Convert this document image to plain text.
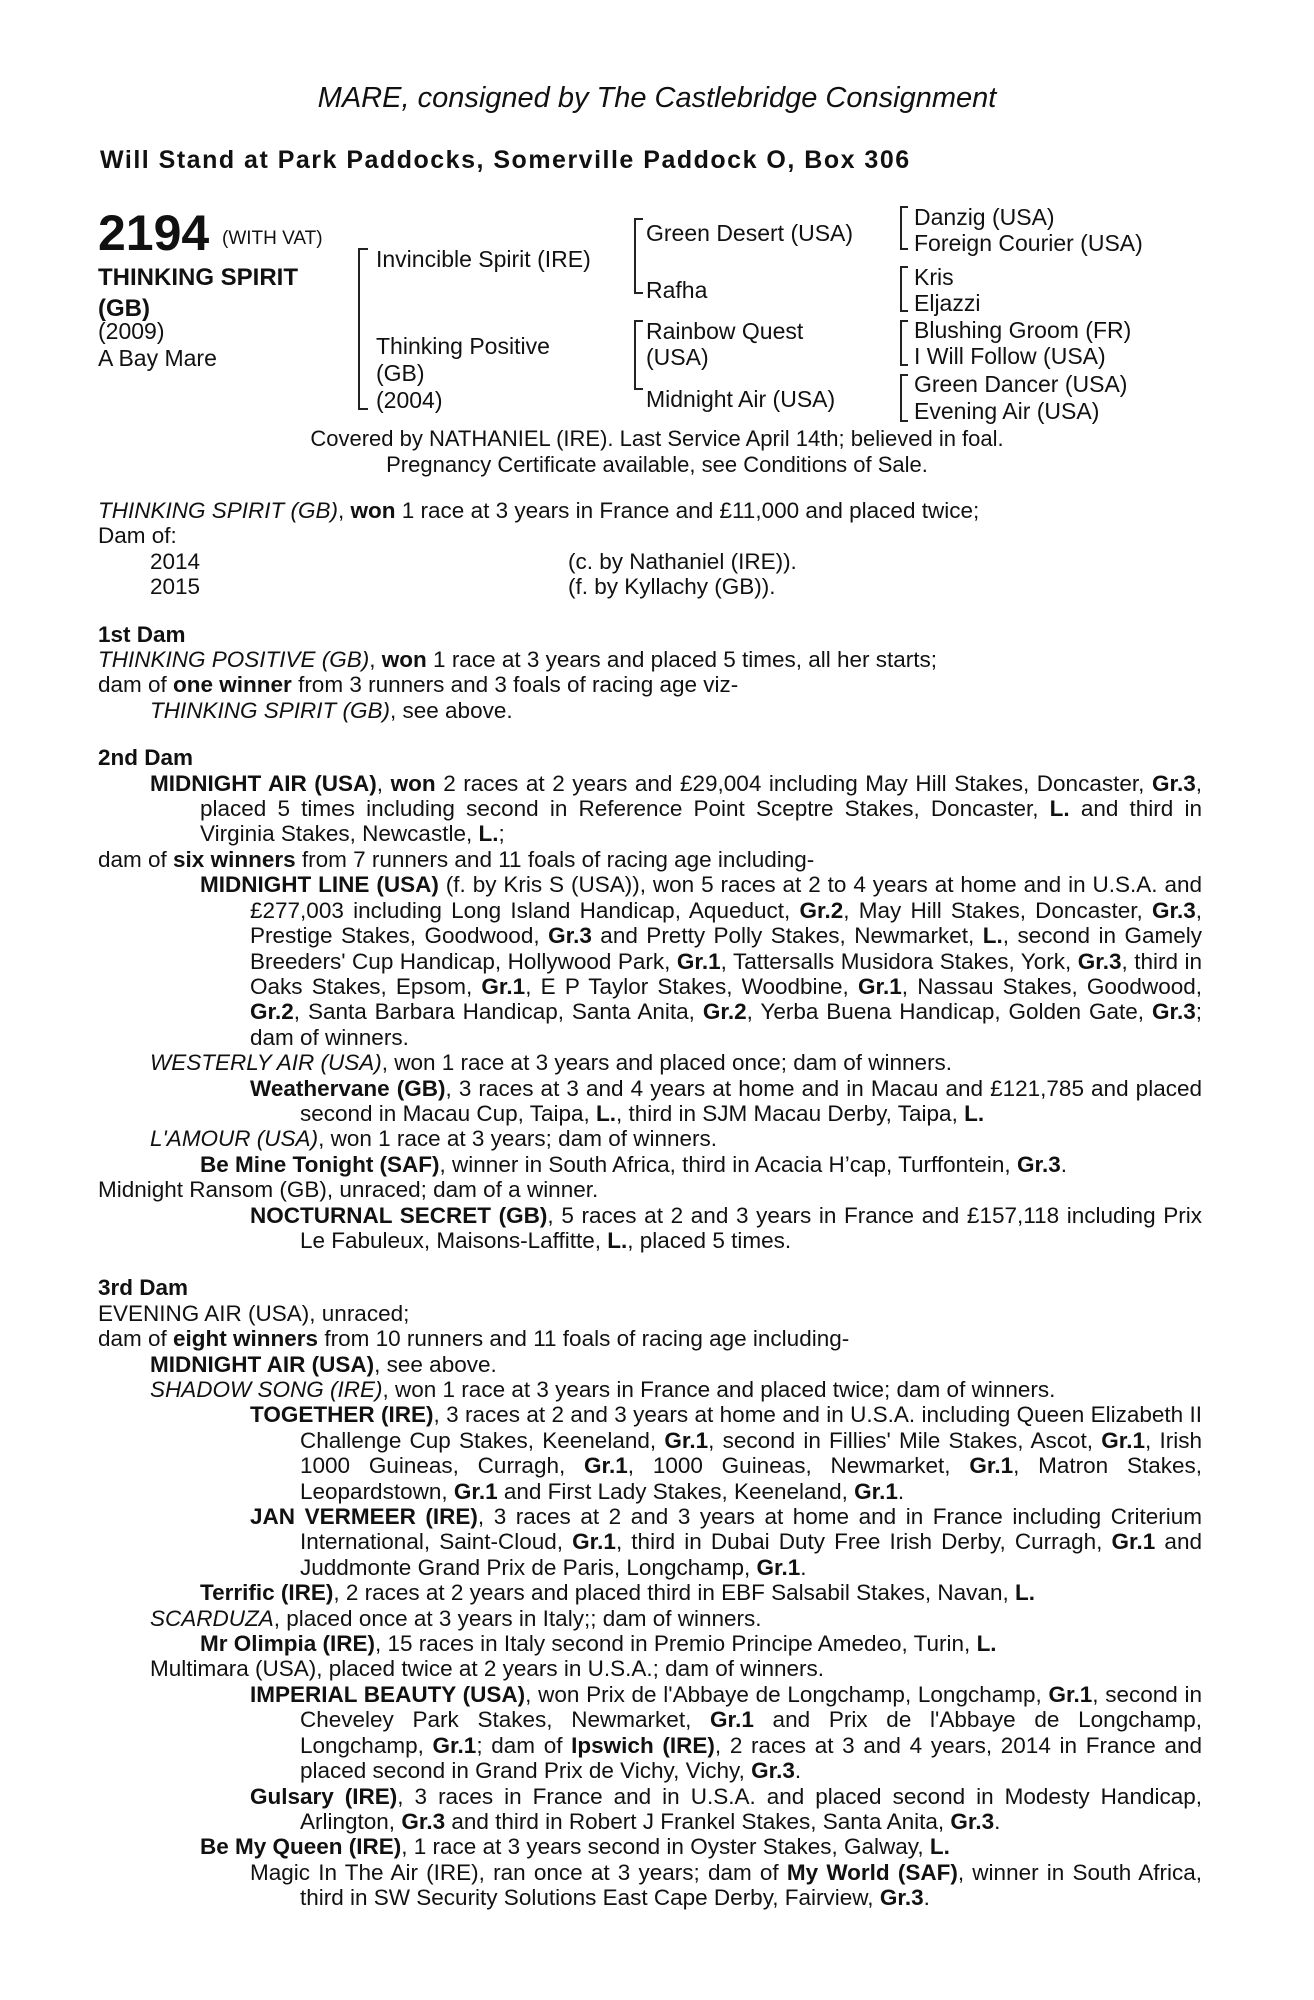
MARE, consigned by The Castlebridge Consignment
Will Stand at Park Paddocks, Somerville Paddock O, Box 306
2194 (WITH VAT)
THINKING SPIRIT
(GB)
(2009)
A Bay Mare
Invincible Spirit (IRE)
Thinking Positive
(GB)
(2004)
Green Desert (USA)
Rafha
Rainbow Quest
(USA)
Midnight Air (USA)
Danzig (USA)
Foreign Courier (USA)
Kris
Eljazzi
Blushing Groom (FR)
I Will Follow (USA)
Green Dancer (USA)
Evening Air (USA)
Covered by NATHANIEL (IRE). Last Service April 14th; believed in foal.
Pregnancy Certificate available, see Conditions of Sale.
THINKING SPIRIT (GB), won 1 race at 3 years in France and £11,000 and placed twice;
Dam of:
2014	(c. by Nathaniel (IRE)).
2015	(f. by Kyllachy (GB)).
1st Dam
THINKING POSITIVE (GB), won 1 race at 3 years and placed 5 times, all her starts;
dam of one winner from 3 runners and 3 foals of racing age viz-
THINKING SPIRIT (GB), see above.
2nd Dam
MIDNIGHT AIR (USA), won 2 races at 2 years and £29,004 including May Hill Stakes, Doncaster, Gr.3, placed 5 times including second in Reference Point Sceptre Stakes, Doncaster, L. and third in Virginia Stakes, Newcastle, L.;
dam of six winners from 7 runners and 11 foals of racing age including-
MIDNIGHT LINE (USA) (f. by Kris S (USA)), won 5 races at 2 to 4 years at home and in U.S.A. and £277,003 including Long Island Handicap, Aqueduct, Gr.2, May Hill Stakes, Doncaster, Gr.3, Prestige Stakes, Goodwood, Gr.3 and Pretty Polly Stakes, Newmarket, L., second in Gamely Breeders' Cup Handicap, Hollywood Park, Gr.1, Tattersalls Musidora Stakes, York, Gr.3, third in Oaks Stakes, Epsom, Gr.1, E P Taylor Stakes, Woodbine, Gr.1, Nassau Stakes, Goodwood, Gr.2, Santa Barbara Handicap, Santa Anita, Gr.2, Yerba Buena Handicap, Golden Gate, Gr.3; dam of winners.
WESTERLY AIR (USA), won 1 race at 3 years and placed once; dam of winners.
Weathervane (GB), 3 races at 3 and 4 years at home and in Macau and £121,785 and placed second in Macau Cup, Taipa, L., third in SJM Macau Derby, Taipa, L.
L'AMOUR (USA), won 1 race at 3 years; dam of winners.
Be Mine Tonight (SAF), winner in South Africa, third in Acacia H’cap, Turffontein, Gr.3.
Midnight Ransom (GB), unraced; dam of a winner.
NOCTURNAL SECRET (GB), 5 races at 2 and 3 years in France and £157,118 including Prix Le Fabuleux, Maisons-Laffitte, L., placed 5 times.
3rd Dam
EVENING AIR (USA), unraced;
dam of eight winners from 10 runners and 11 foals of racing age including-
MIDNIGHT AIR (USA), see above.
SHADOW SONG (IRE), won 1 race at 3 years in France and placed twice; dam of winners.
TOGETHER (IRE), 3 races at 2 and 3 years at home and in U.S.A. including Queen Elizabeth II Challenge Cup Stakes, Keeneland, Gr.1, second in Fillies' Mile Stakes, Ascot, Gr.1, Irish 1000 Guineas, Curragh, Gr.1, 1000 Guineas, Newmarket, Gr.1, Matron Stakes, Leopardstown, Gr.1 and First Lady Stakes, Keeneland, Gr.1.
JAN VERMEER (IRE), 3 races at 2 and 3 years at home and in France including Criterium International, Saint-Cloud, Gr.1, third in Dubai Duty Free Irish Derby, Curragh, Gr.1 and Juddmonte Grand Prix de Paris, Longchamp, Gr.1.
Terrific (IRE), 2 races at 2 years and placed third in EBF Salsabil Stakes, Navan, L.
SCARDUZA, placed once at 3 years in Italy;; dam of winners.
Mr Olimpia (IRE), 15 races in Italy second in Premio Principe Amedeo, Turin, L.
Multimara (USA), placed twice at 2 years in U.S.A.; dam of winners.
IMPERIAL BEAUTY (USA), won Prix de l'Abbaye de Longchamp, Longchamp, Gr.1, second in Cheveley Park Stakes, Newmarket, Gr.1 and Prix de l'Abbaye de Longchamp, Longchamp, Gr.1; dam of Ipswich (IRE), 2 races at 3 and 4 years, 2014 in France and placed second in Grand Prix de Vichy, Vichy, Gr.3.
Gulsary (IRE), 3 races in France and in U.S.A. and placed second in Modesty Handicap, Arlington, Gr.3 and third in Robert J Frankel Stakes, Santa Anita, Gr.3.
Be My Queen (IRE), 1 race at 3 years second in Oyster Stakes, Galway, L.
Magic In The Air (IRE), ran once at 3 years; dam of My World (SAF), winner in South Africa, third in SW Security Solutions East Cape Derby, Fairview, Gr.3.
